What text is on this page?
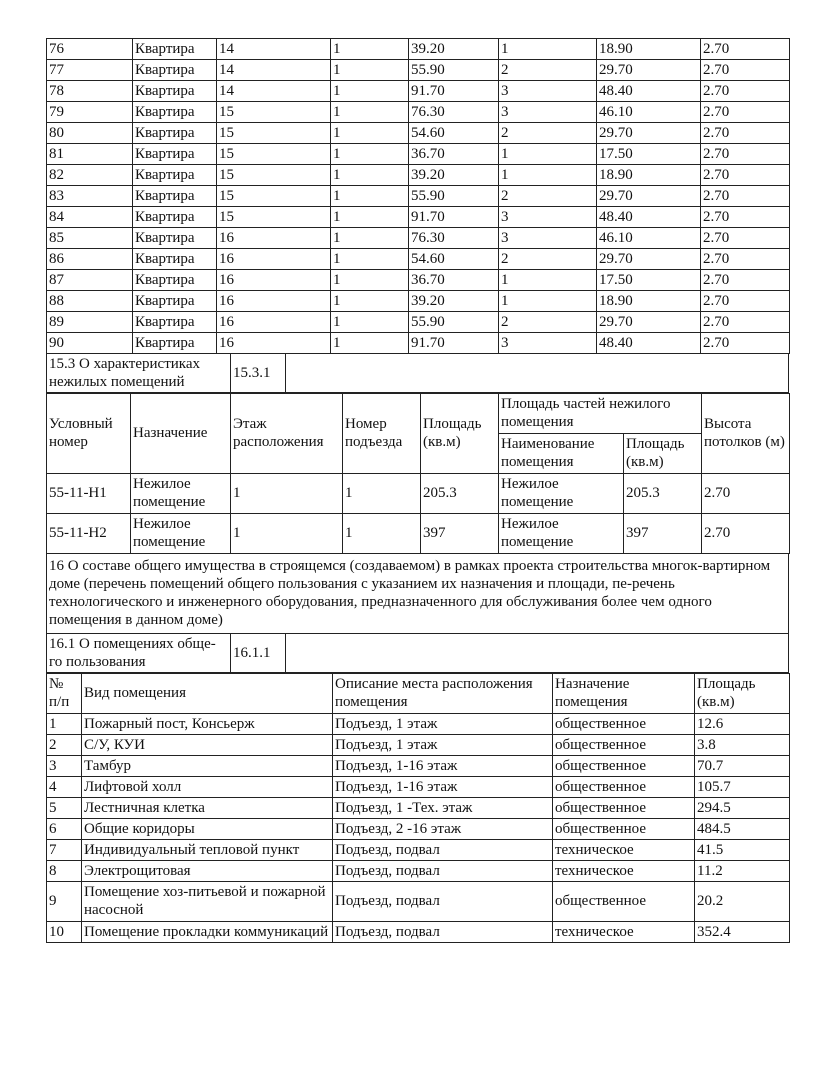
76	Квартира	14	1	39.20	1	18.90	2.70
77	Квартира	14	1	55.90	2	29.70	2.70
78	Квартира	14	1	91.70	3	48.40	2.70
79	Квартира	15	1	76.30	3	46.10	2.70
80	Квартира	15	1	54.60	2	29.70	2.70
81	Квартира	15	1	36.70	1	17.50	2.70
82	Квартира	15	1	39.20	1	18.90	2.70
83	Квартира	15	1	55.90	2	29.70	2.70
84	Квартира	15	1	91.70	3	48.40	2.70
85	Квартира	16	1	76.30	3	46.10	2.70
86	Квартира	16	1	54.60	2	29.70	2.70
87	Квартира	16	1	36.70	1	17.50	2.70
88	Квартира	16	1	39.20	1	18.90	2.70
89	Квартира	16	1	55.90	2	29.70	2.70
90	Квартира	16	1	91.70	3	48.40	2.70
15.3 О характеристиках нежилых помещений	15.3.1	
Условный номер	Назначение	Этаж расположения	Номер подъезда	Площадь (кв.м)	Площадь частей нежилого помещения		Высота потолков (м)
					Наименование помещения	Площадь (кв.м)	
55-11-Н1	Нежилое помещение	1	1	205.3	Нежилое помещение	205.3	2.70
55-11-Н2	Нежилое помещение	1	1	397	Нежилое помещение	397	2.70
16 О составе общего имущества в строящемся (создаваемом) в рамках проекта строительства многок-вартирном доме (перечень помещений общего пользования с указанием их назначения и площади, пе-речень технологического и инженерного оборудования, предназначенного для обслуживания более чем одного помещения в данном доме)
16.1 О помещениях обще-го пользования	16.1.1	
№ п/п	Вид помещения	Описание места расположения помещения	Назначение помещения	Площадь (кв.м)
1	Пожарный пост, Консьерж	Подъезд, 1 этаж	общественное	12.6
2	С/У, КУИ	Подъезд, 1 этаж	общественное	3.8
3	Тамбур	Подъезд, 1-16 этаж	общественное	70.7
4	Лифтовой холл	Подъезд, 1-16 этаж	общественное	105.7
5	Лестничная клетка	Подъезд, 1 -Тех. этаж	общественное	294.5
6	Общие коридоры	Подъезд, 2 -16 этаж	общественное	484.5
7	Индивидуальный тепловой пункт	Подъезд, подвал	техническое	41.5
8	Электрощитовая	Подъезд, подвал	техническое	11.2
9	Помещение хоз-питьевой и пожарной насосной	Подъезд, подвал	общественное	20.2
10	Помещение прокладки коммуникаций	Подъезд, подвал	техническое	352.4
